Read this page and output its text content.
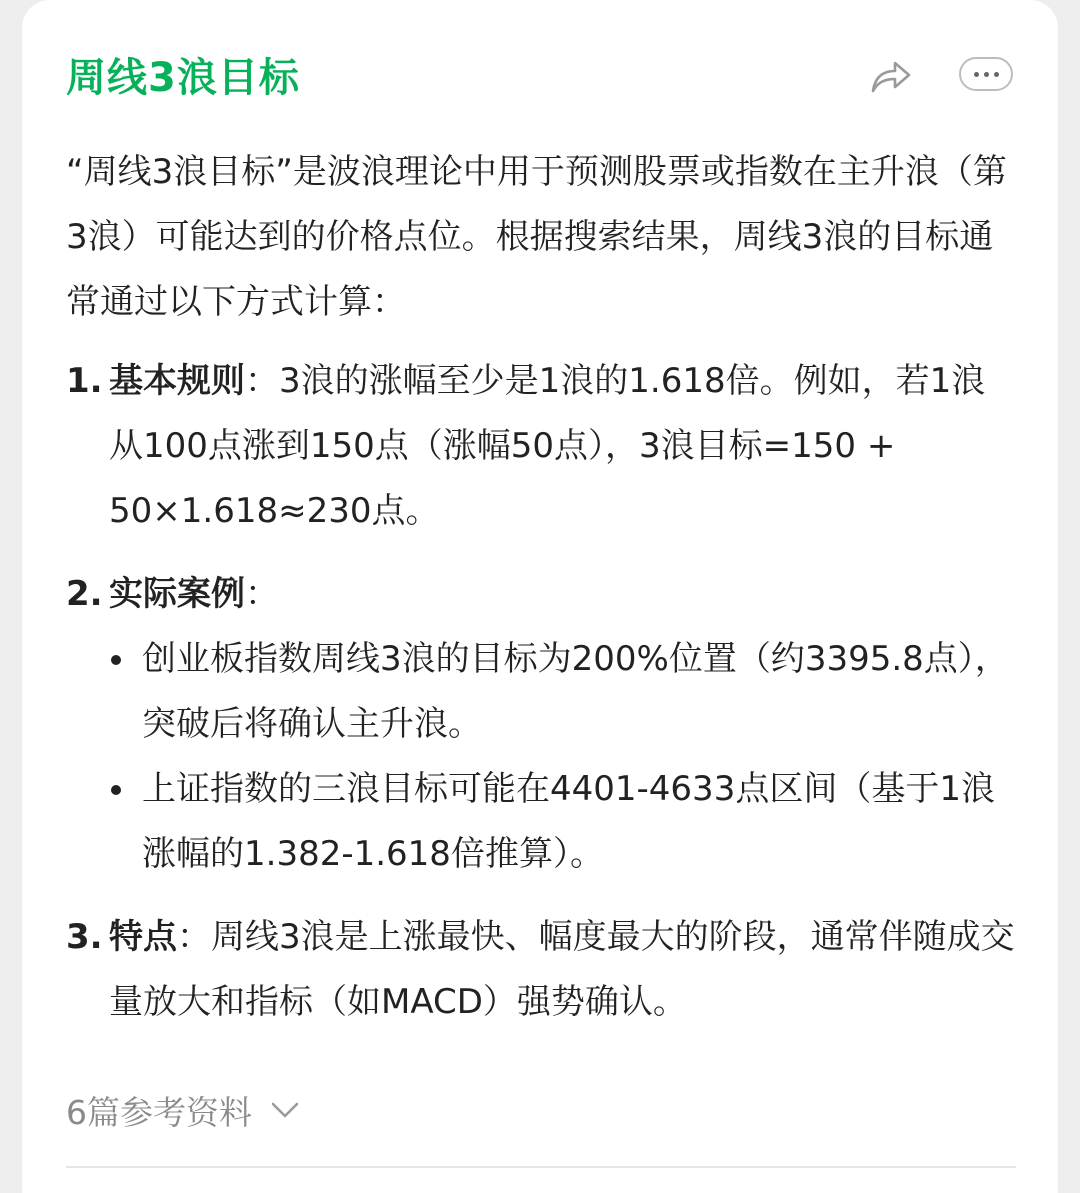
周线3浪目标

“周线3浪目标”是波浪理论中用于预测股票或指数在主升浪（第3浪）可能达到的价格点位。根据搜索结果，周线3浪的目标通常通过以下方式计算：

1. 基本规则：3浪的涨幅至少是1浪的1.618倍。例如，若1浪从100点涨到150点（涨幅50点），3浪目标=150 + 50×1.618≈230点。
2. 实际案例：
创业板指数周线3浪的目标为200%位置（约3395.8点），突破后将确认主升浪。
上证指数的三浪目标可能在4401-4633点区间（基于1浪涨幅的1.382-1.618倍推算）。
3. 特点：周线3浪是上涨最快、幅度最大的阶段，通常伴随成交量放大和指标（如MACD）强势确认。
6篇参考资料
